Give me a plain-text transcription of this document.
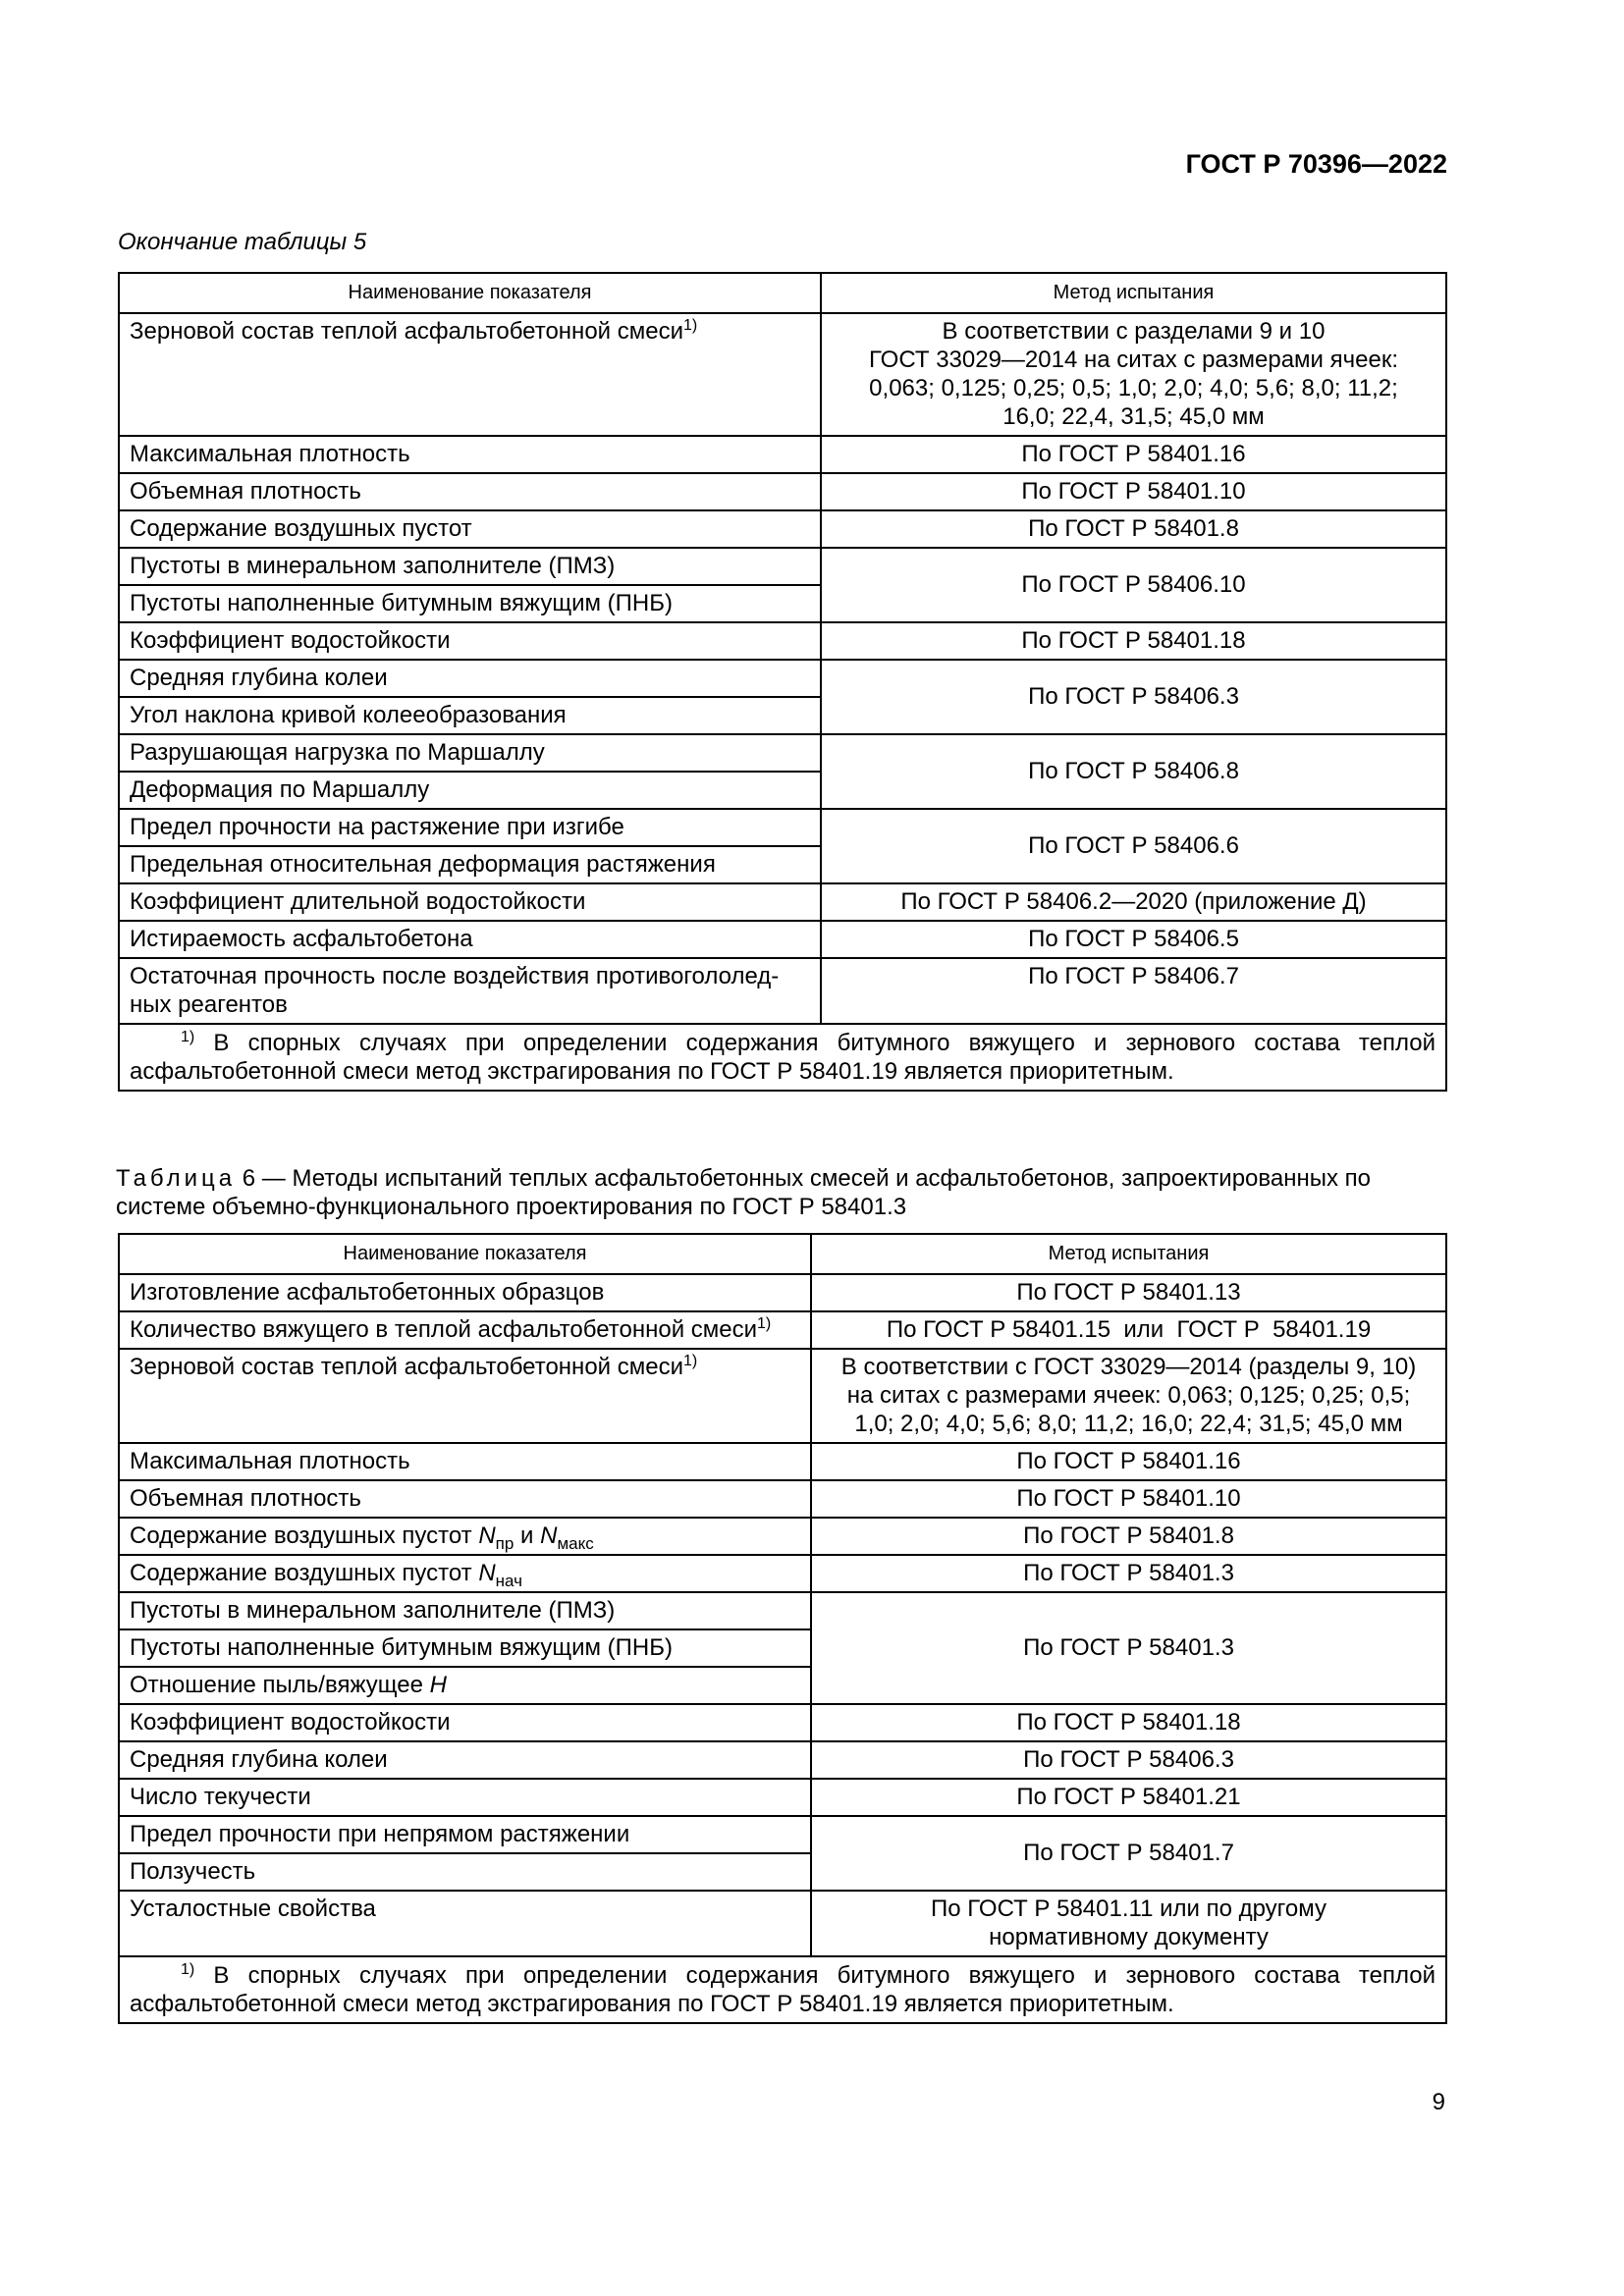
ГОСТ Р 70396—2022
Окончание таблицы 5
Наименование показателя	Метод испытания
Зерновой состав теплой асфальтобетонной смеси$^{1)}$	В соответствии с разделами 9 и 10
ГОСТ 33029—2014 на ситах с размерами ячеек:
0,063; 0,125; 0,25; 0,5; 1,0; 2,0; 4,0; 5,6; 8,0; 11,2;
16,0; 22,4, 31,5; 45,0 мм

Максимальная плотность	По ГОСТ Р 58401.16
Объемная плотность	По ГОСТ Р 58401.10
Содержание воздушных пустот	По ГОСТ Р 58401.8
Пустоты в минеральном заполнителе (ПМЗ)	По ГОСТ Р 58406.10
Пустоты наполненные битумным вяжущим (ПНБ)	
Коэффициент водостойкости	По ГОСТ Р 58401.18
Средняя глубина колеи	По ГОСТ Р 58406.3
Угол наклона кривой колееобразования	
Разрушающая нагрузка по Маршаллу	По ГОСТ Р 58406.8
Деформация по Маршаллу	
Предел прочности на растяжение при изгибе	По ГОСТ Р 58406.6
Предельная относительная деформация растяжения	
Коэффициент длительной водостойкости	По ГОСТ Р 58406.2—2020 (приложение Д)
Истираемость асфальтобетона	По ГОСТ Р 58406.5

Остаточная прочность после воздействия противогололед-
ных реагентов	По ГОСТ Р 58406.7
$^{1)}$ В спорных случаях при определении содержания битумного вяжущего и зернового состава теплой асфальтобетонной смеси метод экстрагирования по ГОСТ Р 58401.19 является приоритетным.	
Таблица 6 — Методы испытаний теплых асфальтобетонных смесей и асфальтобетонов, запроектированных по системе объемно-функционального проектирования по ГОСТ Р 58401.3
Наименование показателя	Метод испытания
Изготовление асфальтобетонных образцов	По ГОСТ Р 58401.13
Количество вяжущего в теплой асфальтобетонной смеси$^{1)}$	По ГОСТ Р 58401.15  или  ГОСТ Р  58401.19
Зерновой состав теплой асфальтобетонной смеси$^{1)}$	В соответствии с ГОСТ 33029—2014 (разделы 9, 10)
на ситах с размерами ячеек: 0,063; 0,125; 0,25; 0,5;
1,0; 2,0; 4,0; 5,6; 8,0; 11,2; 16,0; 22,4; 31,5; 45,0 мм

Максимальная плотность	По ГОСТ Р 58401.16
Объемная плотность	По ГОСТ Р 58401.10
Содержание воздушных пустот $N_{пр}$ и $N_{макс}$	По ГОСТ Р 58401.8
Содержание воздушных пустот $N_{нач}$	По ГОСТ Р 58401.3
Пустоты в минеральном заполнителе (ПМЗ)	По ГОСТ Р 58401.3
Пустоты наполненные битумным вяжущим (ПНБ)	
Отношение пыль/вяжущее H	
Коэффициент водостойкости	По ГОСТ Р 58401.18
Средняя глубина колеи	По ГОСТ Р 58406.3
Число текучести	По ГОСТ Р 58401.21
Предел прочности при непрямом растяжении	По ГОСТ Р 58401.7
Ползучесть	
Усталостные свойства	По ГОСТ Р 58401.11 или по другому
нормативному документу

$^{1)}$ В спорных случаях при определении содержания битумного вяжущего и зернового состава теплой асфальтобетонной смеси метод экстрагирования по ГОСТ Р 58401.19 является приоритетным.	
9
